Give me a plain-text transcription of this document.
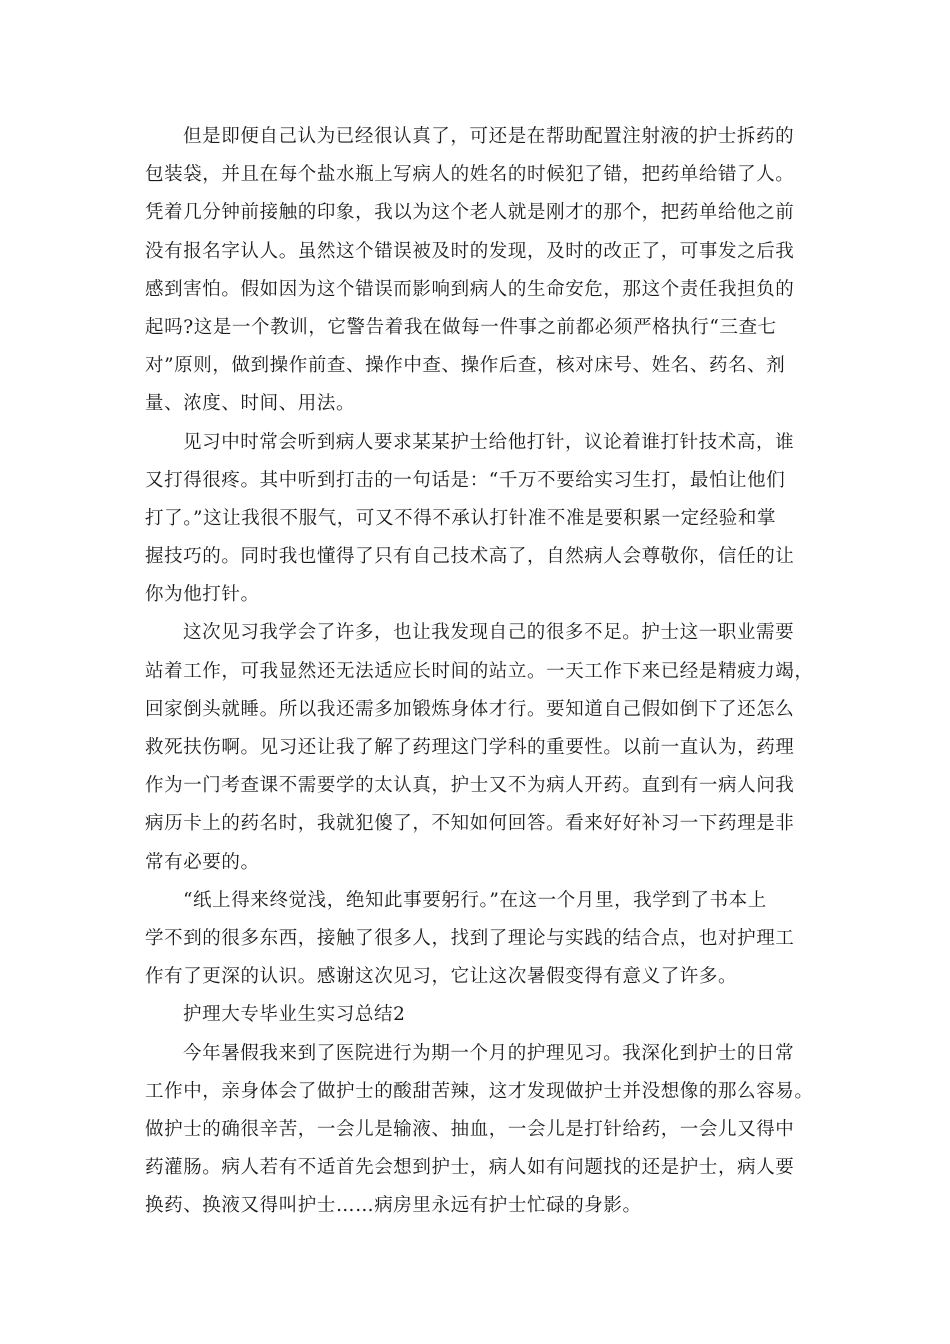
但是即便自己认为已经很认真了，可还是在帮助配置注射液的护士拆药的
包装袋，并且在每个盐水瓶上写病人的姓名的时候犯了错，把药单给错了人。
凭着几分钟前接触的印象，我以为这个老人就是刚才的那个，把药单给他之前
没有报名字认人。虽然这个错误被及时的发现，及时的改正了，可事发之后我
感到害怕。假如因为这个错误而影响到病人的生命安危，那这个责任我担负的
起吗?这是一个教训，它警告着我在做每一件事之前都必须严格执行“三查七
对”原则，做到操作前查、操作中查、操作后查，核对床号、姓名、药名、剂
量、浓度、时间、用法。
见习中时常会听到病人要求某某护士给他打针，议论着谁打针技术高，谁
又打得很疼。其中听到打击的一句话是：“千万不要给实习生打，最怕让他们
打了。”这让我很不服气，可又不得不承认打针准不准是要积累一定经验和掌
握技巧的。同时我也懂得了只有自己技术高了，自然病人会尊敬你，信任的让
你为他打针。
这次见习我学会了许多，也让我发现自己的很多不足。护士这一职业需要
站着工作，可我显然还无法适应长时间的站立。一天工作下来已经是精疲力竭，
回家倒头就睡。所以我还需多加锻炼身体才行。要知道自己假如倒下了还怎么
救死扶伤啊。见习还让我了解了药理这门学科的重要性。以前一直认为，药理
作为一门考查课不需要学的太认真，护士又不为病人开药。直到有一病人问我
病历卡上的药名时，我就犯傻了，不知如何回答。看来好好补习一下药理是非
常有必要的。
“纸上得来终觉浅，绝知此事要躬行。”在这一个月里，我学到了书本上
学不到的很多东西，接触了很多人，找到了理论与实践的结合点，也对护理工
作有了更深的认识。感谢这次见习，它让这次暑假变得有意义了许多。
护理大专毕业生实习总结2
今年暑假我来到了医院进行为期一个月的护理见习。我深化到护士的日常
工作中，亲身体会了做护士的酸甜苦辣，这才发现做护士并没想像的那么容易。
做护士的确很辛苦，一会儿是输液、抽血，一会儿是打针给药，一会儿又得中
药灌肠。病人若有不适首先会想到护士，病人如有问题找的还是护士，病人要
换药、换液又得叫护士……病房里永远有护士忙碌的身影。
